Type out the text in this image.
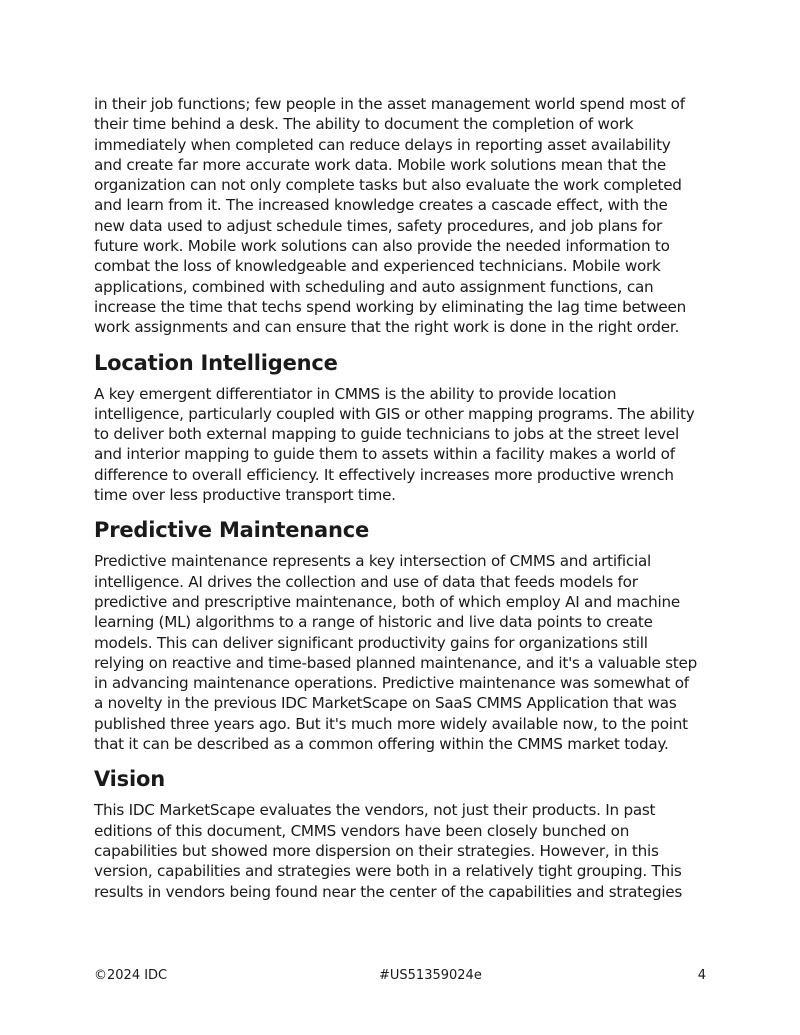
in their job functions; few people in the asset management world spend most of their time behind a desk. The ability to document the completion of work immediately when completed can reduce delays in reporting asset availability and create far more accurate work data. Mobile work solutions mean that the organization can not only complete tasks but also evaluate the work completed and learn from it. The increased knowledge creates a cascade effect, with the new data used to adjust schedule times, safety procedures, and job plans for future work. Mobile work solutions can also provide the needed information to combat the loss of knowledgeable and experienced technicians. Mobile work applications, combined with scheduling and auto assignment functions, can increase the time that techs spend working by eliminating the lag time between work assignments and can ensure that the right work is done in the right order.

Location Intelligence

A key emergent differentiator in CMMS is the ability to provide location intelligence, particularly coupled with GIS or other mapping programs. The ability to deliver both external mapping to guide technicians to jobs at the street level and interior mapping to guide them to assets within a facility makes a world of difference to overall efficiency. It effectively increases more productive wrench time over less productive transport time.

Predictive Maintenance

Predictive maintenance represents a key intersection of CMMS and artificial intelligence. AI drives the collection and use of data that feeds models for predictive and prescriptive maintenance, both of which employ AI and machine learning (ML) algorithms to a range of historic and live data points to create models. This can deliver significant productivity gains for organizations still relying on reactive and time-based planned maintenance, and it's a valuable step in advancing maintenance operations. Predictive maintenance was somewhat of a novelty in the previous IDC MarketScape on SaaS CMMS Application that was published three years ago. But it's much more widely available now, to the point that it can be described as a common offering within the CMMS market today.

Vision

This IDC MarketScape evaluates the vendors, not just their products. In past editions of this document, CMMS vendors have been closely bunched on capabilities but showed more dispersion on their strategies. However, in this version, capabilities and strategies were both in a relatively tight grouping. This results in vendors being found near the center of the capabilities and strategies

©2024 IDC	#US51359024e	4
